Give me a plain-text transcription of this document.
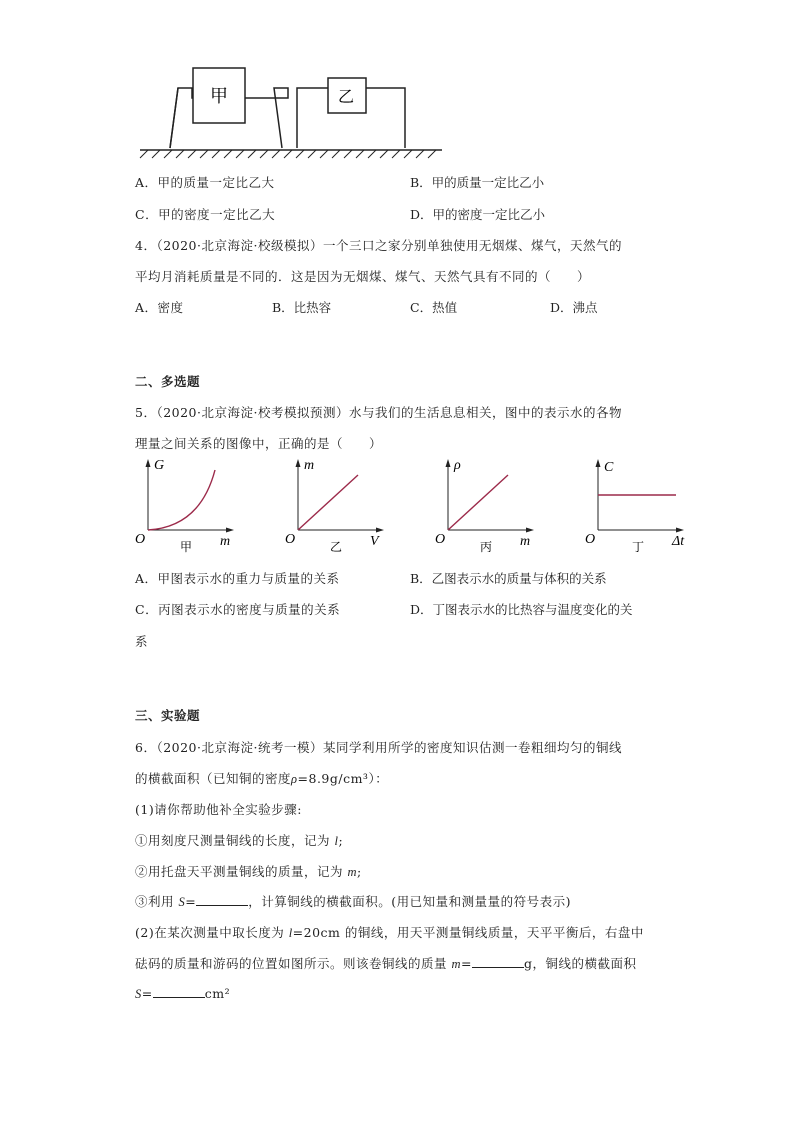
甲	乙
A．甲的质量一定比乙大	B．甲的质量一定比乙小
C．甲的密度一定比乙大	D．甲的密度一定比乙小
4．（2020·北京海淀·校级模拟）一个三口之家分别单独使用无烟煤、煤气，天然气的
平均月消耗质量是不同的．这是因为无烟煤、煤气、天然气具有不同的（　　）
A．密度	B．比热容	C．热值	D．沸点
二、多选题
5．（2020·北京海淀·校考模拟预测）水与我们的生活息息相关，图中的表示水的各物
理量之间关系的图像中，正确的是（　　）
G
m
O	甲
m
V
O	乙
ρ
m
O	丙
C
Δt
O	丁
A．甲图表示水的重力与质量的关系	B．乙图表示水的质量与体积的关系
C．丙图表示水的密度与质量的关系	D．丁图表示水的比热容与温度变化的关
系
三、实验题
6．（2020·北京海淀·统考一模）某同学利用所学的密度知识估测一卷粗细均匀的铜线
的横截面积（已知铜的密度ρ=8.9g/cm³）：
(1)请你帮助他补全实验步骤:
①用刻度尺测量铜线的长度，记为 l;
②用托盘天平测量铜线的质量，记为 m;
③利用 S=	，计算铜线的横截面积。(用已知量和测量量的符号表示)
(2)在某次测量中取长度为 l=20cm 的铜线，用天平测量铜线质量，天平平衡后，右盘中
砝码的质量和游码的位置如图所示。则该卷铜线的质量 m=	g，铜线的横截面积
S=	cm²
